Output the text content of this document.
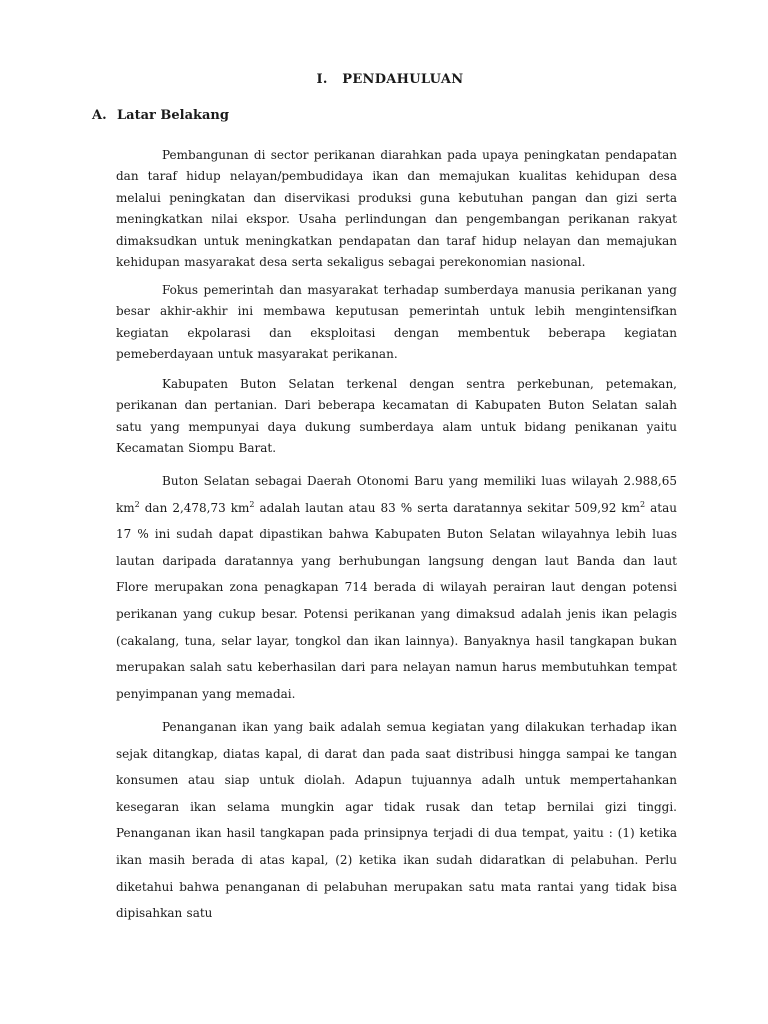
I. PENDAHULUAN
A. Latar Belakang

Pembangunan di sector perikanan diarahkan pada upaya peningkatan pendapatan dan taraf hidup nelayan/pembudidaya ikan dan memajukan kualitas kehidupan desa melalui peningkatan dan diservikasi produksi guna kebutuhan pangan dan gizi serta meningkatkan nilai ekspor. Usaha perlindungan dan pengembangan perikanan rakyat dimaksudkan untuk meningkatkan pendapatan dan taraf hidup nelayan dan memajukan kehidupan masyarakat desa serta sekaligus sebagai perekonomian nasional.

Fokus pemerintah dan masyarakat terhadap sumberdaya manusia perikanan yang besar akhir-akhir ini membawa keputusan pemerintah untuk lebih mengintensifkan kegiatan ekpolarasi dan eksploitasi dengan membentuk beberapa kegiatan pemeberdayaan untuk masyarakat perikanan.

Kabupaten Buton Selatan terkenal dengan sentra perkebunan, petemakan, perikanan dan pertanian. Dari beberapa kecamatan di Kabupaten Buton Selatan salah satu yang mempunyai daya dukung sumberdaya alam untuk bidang penikanan yaitu Kecamatan Siompu Barat.

Buton Selatan sebagai Daerah Otonomi Baru yang memiliki luas wilayah 2.988,65 $km^2$ dan 2,478,73 $km^2$ adalah lautan atau 83 % serta daratannya sekitar 509,92 $km^2$ atau 17 % ini sudah dapat dipastikan bahwa Kabupaten Buton Selatan wilayahnya lebih luas lautan daripada daratannya yang berhubungan langsung dengan laut Banda dan laut Flore merupakan zona penagkapan 714 berada di wilayah perairan laut dengan potensi perikanan yang cukup besar. Potensi perikanan yang dimaksud adalah jenis ikan pelagis (cakalang, tuna, selar layar, tongkol dan ikan lainnya). Banyaknya hasil tangkapan bukan merupakan salah satu keberhasilan dari para nelayan namun harus membutuhkan tempat penyimpanan yang memadai.

Penanganan ikan yang baik adalah semua kegiatan yang dilakukan terhadap ikan sejak ditangkap, diatas kapal, di darat dan pada saat distribusi hingga sampai ke tangan konsumen atau siap untuk diolah. Adapun tujuannya adalh untuk mempertahankan kesegaran ikan selama mungkin agar tidak rusak dan tetap bernilai gizi tinggi. Penanganan ikan hasil tangkapan pada prinsipnya terjadi di dua tempat, yaitu : (1) ketika ikan masih berada di atas kapal, (2) ketika ikan sudah didaratkan di pelabuhan. Perlu diketahui bahwa penanganan di pelabuhan merupakan satu mata rantai yang tidak bisa dipisahkan satu
